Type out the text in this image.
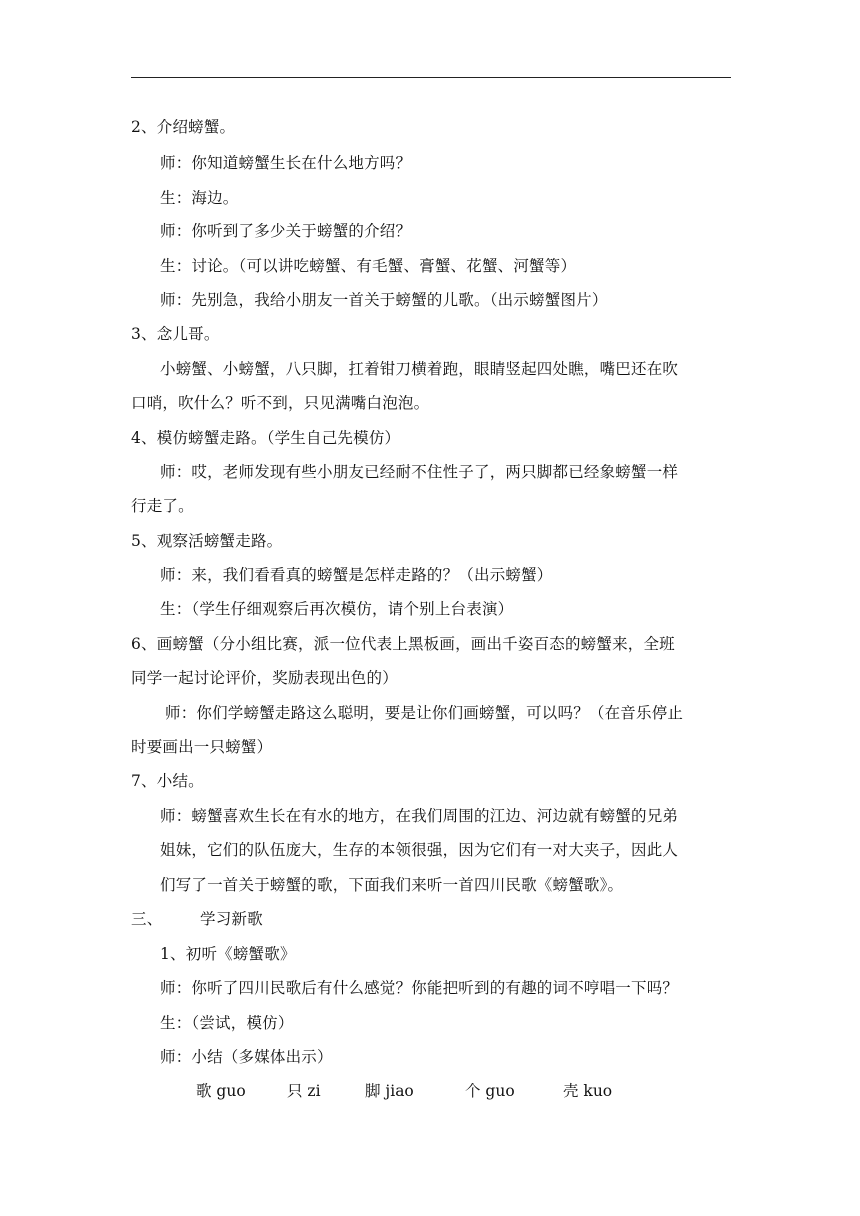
2、介绍螃蟹。
师：你知道螃蟹生长在什么地方吗？
生：海边。
师：你听到了多少关于螃蟹的介绍？
生：讨论。（可以讲吃螃蟹、有毛蟹、膏蟹、花蟹、河蟹等）
师：先别急，我给小朋友一首关于螃蟹的儿歌。（出示螃蟹图片）
3、念儿哥。
小螃蟹、小螃蟹，八只脚，扛着钳刀横着跑，眼睛竖起四处瞧，嘴巴还在吹
口哨，吹什么？听不到，只见满嘴白泡泡。
4、模仿螃蟹走路。（学生自己先模仿）
师：哎，老师发现有些小朋友已经耐不住性子了，两只脚都已经象螃蟹一样
行走了。
5、观察活螃蟹走路。
师：来，我们看看真的螃蟹是怎样走路的？（出示螃蟹）
生：（学生仔细观察后再次模仿，请个别上台表演）
6、画螃蟹（分小组比赛，派一位代表上黑板画，画出千姿百态的螃蟹来，全班
同学一起讨论评价，奖励表现出色的）
师：你们学螃蟹走路这么聪明，要是让你们画螃蟹，可以吗？（在音乐停止
时要画出一只螃蟹）
7、小结。
师：螃蟹喜欢生长在有水的地方，在我们周围的江边、河边就有螃蟹的兄弟
姐妹，它们的队伍庞大，生存的本领很强，因为它们有一对大夹子，因此人
们写了一首关于螃蟹的歌，下面我们来听一首四川民歌《螃蟹歌》。
三、 学习新歌
1、初听《螃蟹歌》
师：你听了四川民歌后有什么感觉？你能把听到的有趣的词不哼唱一下吗？
生：（尝试，模仿）
师：小结（多媒体出示）
歌 guo	只 zi	脚 jiao	个 guo	壳 kuo
